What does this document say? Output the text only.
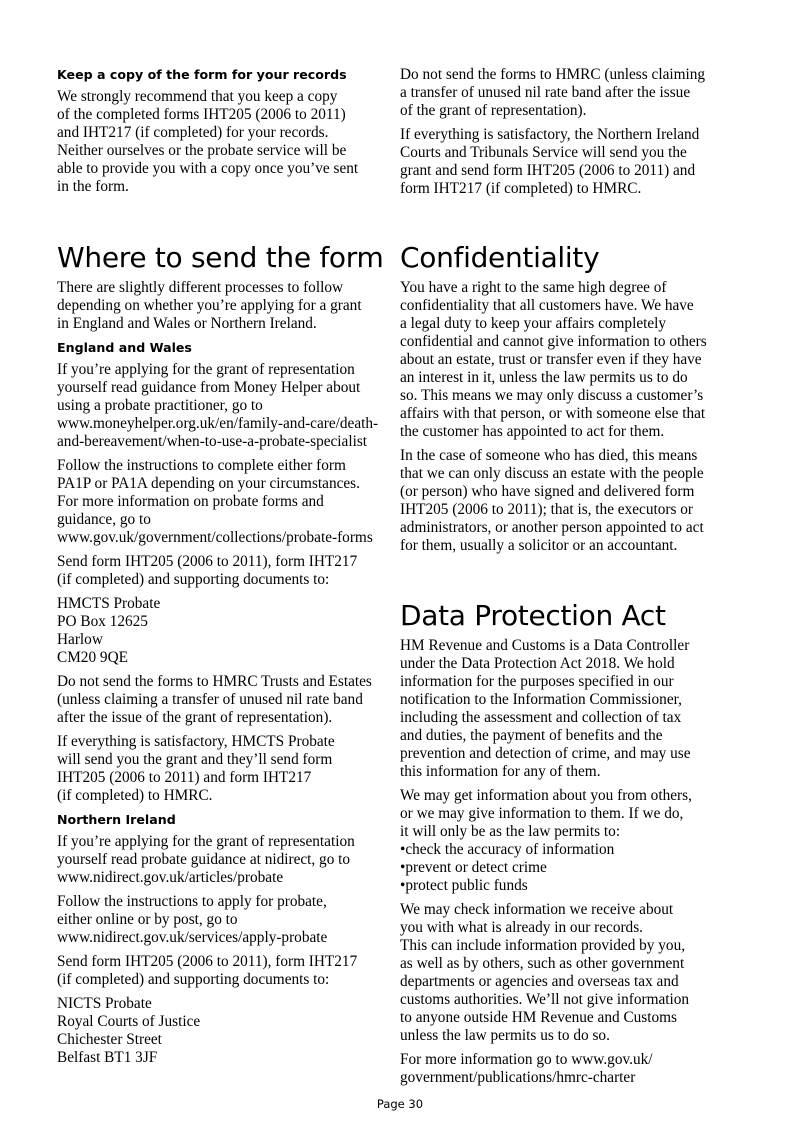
Keep a copy of the form for your records

We strongly recommend that you keep a copy
of the completed forms IHT205 (2006 to 2011)
and IHT217 (if completed) for your records.
Neither ourselves or the probate service will be
able to provide you with a copy once you’ve sent
in the form.

Where to send the form

There are slightly different processes to follow
depending on whether you’re applying for a grant
in England and Wales or Northern Ireland.

England and Wales

If you’re applying for the grant of representation
yourself read guidance from Money Helper about
using a probate practitioner, go to
www.moneyhelper.org.uk/en/family-and-care/death-
and-bereavement/when-to-use-a-probate-specialist

Follow the instructions to complete either form
PA1P or PA1A depending on your circumstances.
For more information on probate forms and
guidance, go to
www.gov.uk/government/collections/probate-forms

Send form IHT205 (2006 to 2011), form IHT217
(if completed) and supporting documents to:

HMCTS Probate
PO Box 12625
Harlow
CM20 9QE

Do not send the forms to HMRC Trusts and Estates
(unless claiming a transfer of unused nil rate band
after the issue of the grant of representation).

If everything is satisfactory, HMCTS Probate
will send you the grant and they’ll send form
IHT205 (2006 to 2011) and form IHT217
(if completed) to HMRC.

Northern Ireland

If you’re applying for the grant of representation
yourself read probate guidance at nidirect, go to
www.nidirect.gov.uk/articles/probate

Follow the instructions to apply for probate,
either online or by post, go to
www.nidirect.gov.uk/services/apply-probate

Send form IHT205 (2006 to 2011), form IHT217
(if completed) and supporting documents to:

NICTS Probate
Royal Courts of Justice
Chichester Street
Belfast BT1 3JF

Do not send the forms to HMRC (unless claiming
a transfer of unused nil rate band after the issue
of the grant of representation).

If everything is satisfactory, the Northern Ireland
Courts and Tribunals Service will send you the
grant and send form IHT205 (2006 to 2011) and
form IHT217 (if completed) to HMRC.

Confidentiality

You have a right to the same high degree of
confidentiality that all customers have. We have
a legal duty to keep your affairs completely
confidential and cannot give information to others
about an estate, trust or transfer even if they have
an interest in it, unless the law permits us to do
so. This means we may only discuss a customer’s
affairs with that person, or with someone else that
the customer has appointed to act for them.

In the case of someone who has died, this means
that we can only discuss an estate with the people
(or person) who have signed and delivered form
IHT205 (2006 to 2011); that is, the executors or
administrators, or another person appointed to act
for them, usually a solicitor or an accountant.

Data Protection Act

HM Revenue and Customs is a Data Controller
under the Data Protection Act 2018. We hold
information for the purposes specified in our
notification to the Information Commissioner,
including the assessment and collection of tax
and duties, the payment of benefits and the
prevention and detection of crime, and may use
this information for any of them.

We may get information about you from others,
or we may give information to them. If we do,
it will only be as the law permits to:

• check the accuracy of information
• prevent or detect crime
• protect public funds

We may check information we receive about
you with what is already in our records.
This can include information provided by you,
as well as by others, such as other government
departments or agencies and overseas tax and
customs authorities. We’ll not give information
to anyone outside HM Revenue and Customs
unless the law permits us to do so.

For more information go to www.gov.uk/
government/publications/hmrc-charter

Page 30
